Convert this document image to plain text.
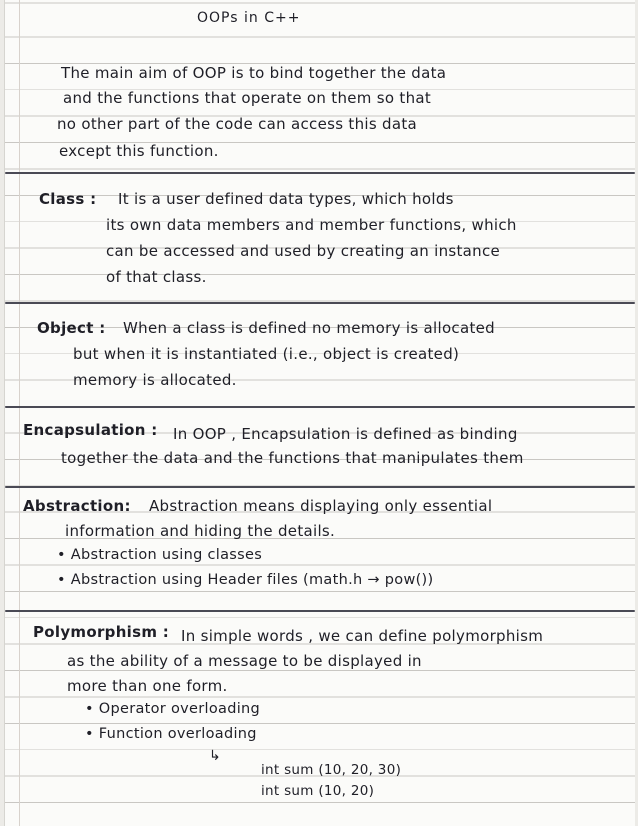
OOPs in C++
The main aim of OOP is to bind together the data
and the functions that operate on them so that
no other part of the code can access this data
except this function.
Class : It is a user defined data types, which holds
its own data members and member functions, which
can be accessed and used by creating an instance
of that class.
Object : When a class is defined no memory is allocated
but when it is instantiated (i.e., object is created)
memory is allocated.
Encapsulation : In OOP , Encapsulation is defined as binding
together the data and the functions that manipulates them
Abstraction: Abstraction means displaying only essential
information and hiding the details.
• Abstraction using classes
• Abstraction using Header files (math.h → pow())
Polymorphism : In simple words , we can define polymorphism
as the ability of a message to be displayed in
more than one form.
• Operator overloading
• Function overloading
↳
int sum (10, 20, 30)
int sum (10, 20)
